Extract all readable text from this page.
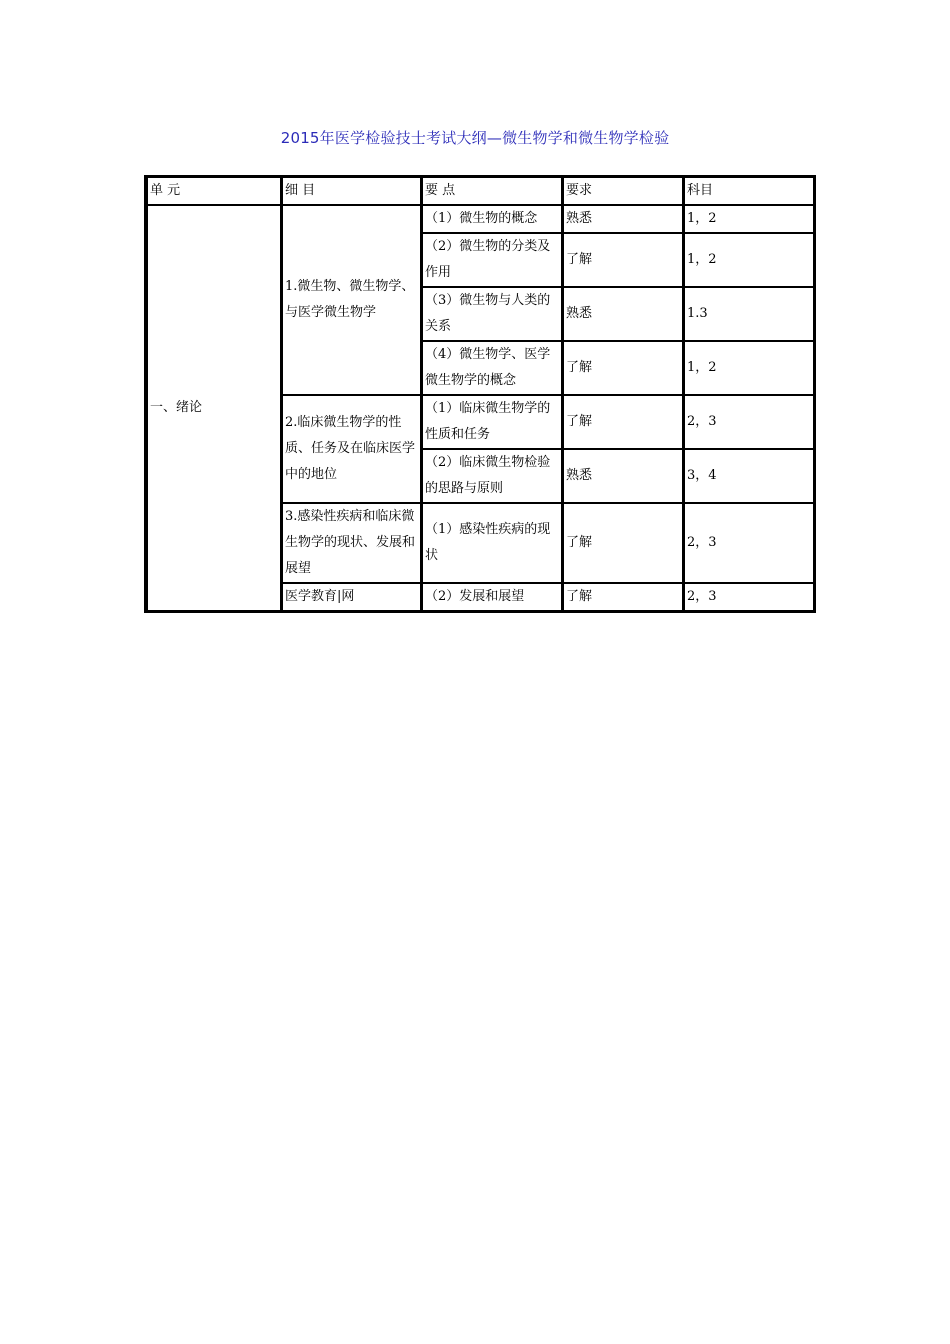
2015年医学检验技士考试大纲—微生物学和微生物学检验
单 元	细 目	要 点	要求	科目
一、绪论	1.微生物、微生物学、与医学微生物学	（1）微生物的概念	熟悉	1，2
		（2）微生物的分类及作用	了解	1，2
		（3）微生物与人类的关系	熟悉	1.3
		（4）微生物学、医学微生物学的概念	了解	1，2
	2.临床微生物学的性质、任务及在临床医学中的地位	（1）临床微生物学的性质和任务	了解	2，3
		（2）临床微生物检验的思路与原则	熟悉	3，4
	3.感染性疾病和临床微生物学的现状、发展和展望	（1）感染性疾病的现状	了解	2，3
	医学教育|网	（2）发展和展望	了解	2，3
